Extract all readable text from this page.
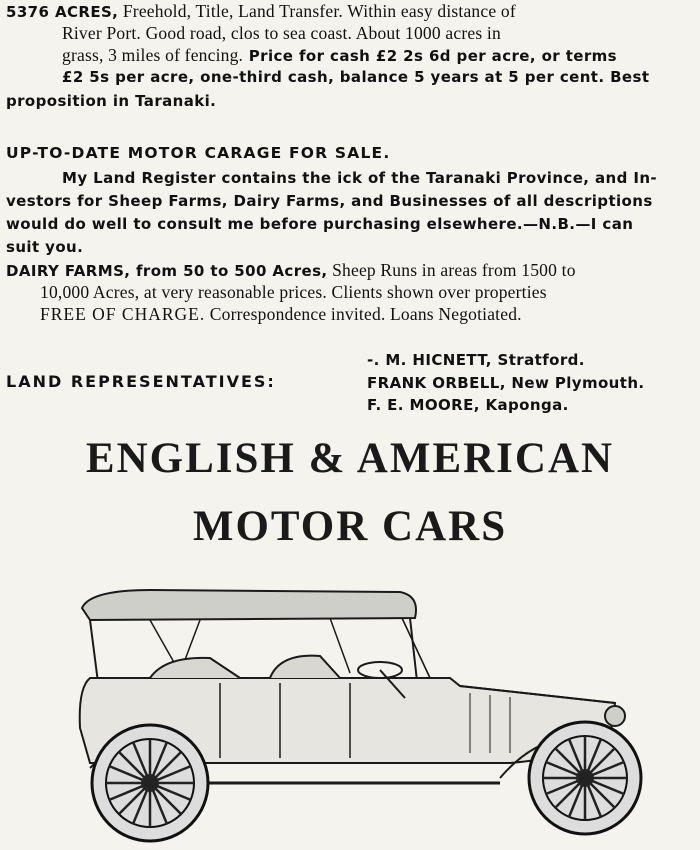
5376 ACRES, Freehold, Title, Land Transfer. Within easy distance of
River Port. Good road, clos to sea coast. About 1000 acres in
grass, 3 miles of fencing. Price for cash £2 2s 6d per acre, or terms
£2 5s per acre, one-third cash, balance 5 years at 5 per cent. Best
proposition in Taranaki.
UP-TO-DATE MOTOR CARAGE FOR SALE.
My Land Register contains the ick of the Taranaki Province, and In-
vestors for Sheep Farms, Dairy Farms, and Businesses of all descriptions
would do well to consult me before purchasing elsewhere.—N.B.—I can
suit you.
DAIRY FARMS, from 50 to 500 Acres, Sheep Runs in areas from 1500 to
10,000 Acres, at very reasonable prices. Clients shown over properties
FREE OF CHARGE. Correspondence invited. Loans Negotiated.
LAND REPRESENTATIVES:
-. M. HICNETT, Stratford.
FRANK ORBELL, New Plymouth.
F. E. MOORE, Kaponga.
ENGLISH & AMERICAN
MOTOR CARS
